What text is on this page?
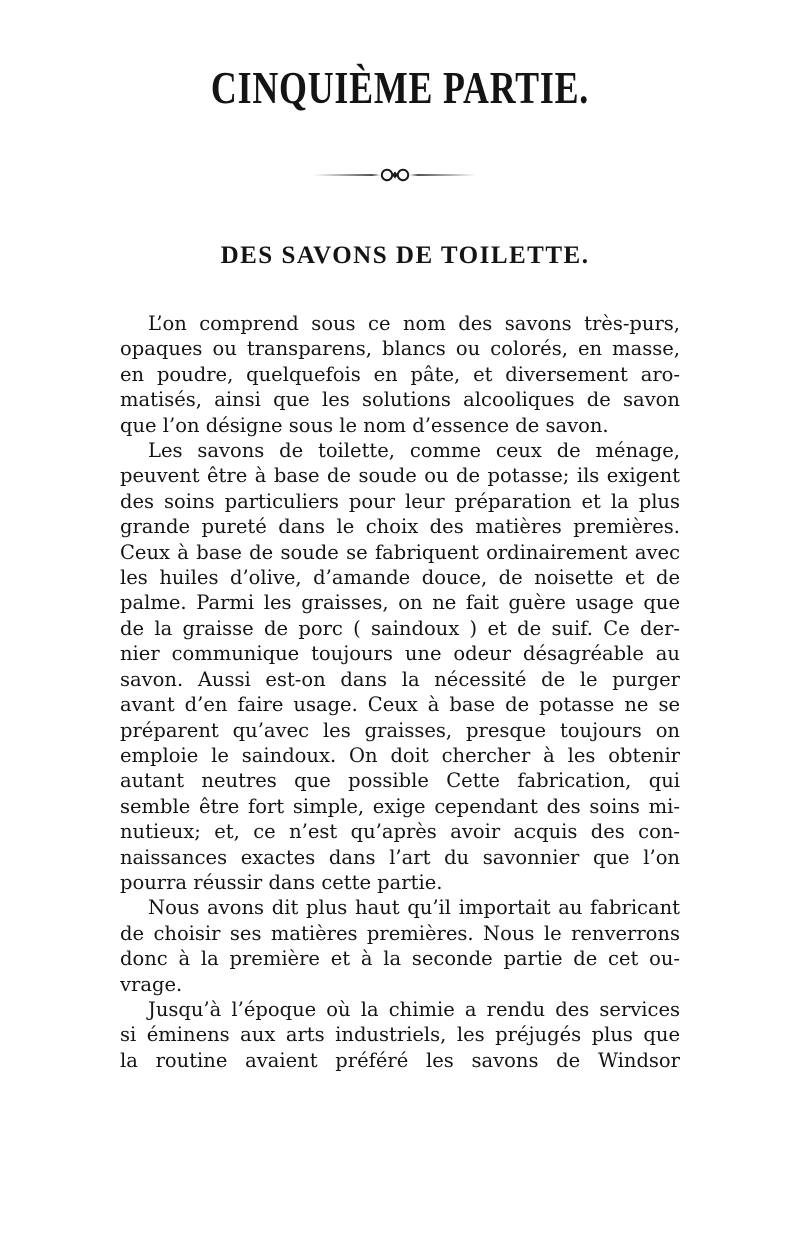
CINQUIÈME PARTIE.
DES SAVONS DE TOILETTE.
L’on comprend sous ce nom des savons très-purs,
opaques ou transparens, blancs ou colorés, en masse,
en poudre, quelquefois en pâte, et diversement aro-
matisés, ainsi que les solutions alcooliques de savon
que l’on désigne sous le nom d’essence de savon.
Les savons de toilette, comme ceux de ménage,
peuvent être à base de soude ou de potasse; ils exigent
des soins particuliers pour leur préparation et la plus
grande pureté dans le choix des matières premières.
Ceux à base de soude se fabriquent ordinairement avec
les huiles d’olive, d’amande douce, de noisette et de
palme. Parmi les graisses, on ne fait guère usage que
de la graisse de porc ( saindoux ) et de suif. Ce der-
nier communique toujours une odeur désagréable au
savon. Aussi est-on dans la nécessité de le purger
avant d’en faire usage. Ceux à base de potasse ne se
préparent qu’avec les graisses, presque toujours on
emploie le saindoux. On doit chercher à les obtenir
autant neutres que possible Cette fabrication, qui
semble être fort simple, exige cependant des soins mi-
nutieux; et, ce n’est qu’après avoir acquis des con-
naissances exactes dans l’art du savonnier que l’on
pourra réussir dans cette partie.
Nous avons dit plus haut qu’il importait au fabricant
de choisir ses matières premières. Nous le renverrons
donc à la première et à la seconde partie de cet ou-
vrage.
Jusqu’à l’époque où la chimie a rendu des services
si éminens aux arts industriels, les préjugés plus que
la routine avaient préféré les savons de Windsor
